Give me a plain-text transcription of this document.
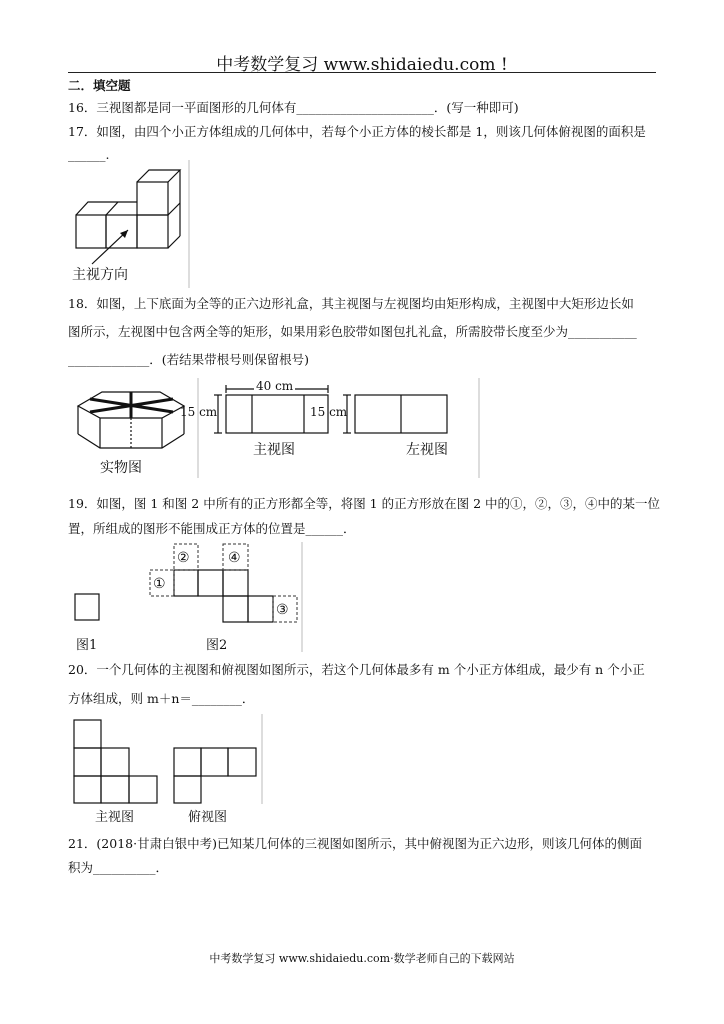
中考数学复习 www.shidaiedu.com !
二．填空题
16．三视图都是同一平面图形的几何体有______________________．(写一种即可)
17．如图，由四个小正方体组成的几何体中，若每个小正方体的棱长都是 1，则该几何体俯视图的面积是
______.
主视方向
18．如图，上下底面为全等的正六边形礼盒，其主视图与左视图均由矩形构成，主视图中大矩形边长如
图所示，左视图中包含两全等的矩形，如果用彩色胶带如图包扎礼盒，所需胶带长度至少为___________
_____________．(若结果带根号则保留根号)
40 cm
15 cm	15 cm
实物图
主视图	左视图
19．如图，图 1 和图 2 中所有的正方形都全等，将图 1 的正方形放在图 2 中的①，②，③，④中的某一位
置，所组成的图形不能围成正方体的位置是______．
①
②
③
④
图1	图2
20．一个几何体的主视图和俯视图如图所示，若这个几何体最多有 m 个小正方体组成，最少有 n 个小正
方体组成，则 m＋n＝________．
主视图	俯视图
21．(2018·甘肃白银中考)已知某几何体的三视图如图所示，其中俯视图为正六边形，则该几何体的侧面
积为__________．
中考数学复习 www.shidaiedu.com·数学老师自己的下载网站
